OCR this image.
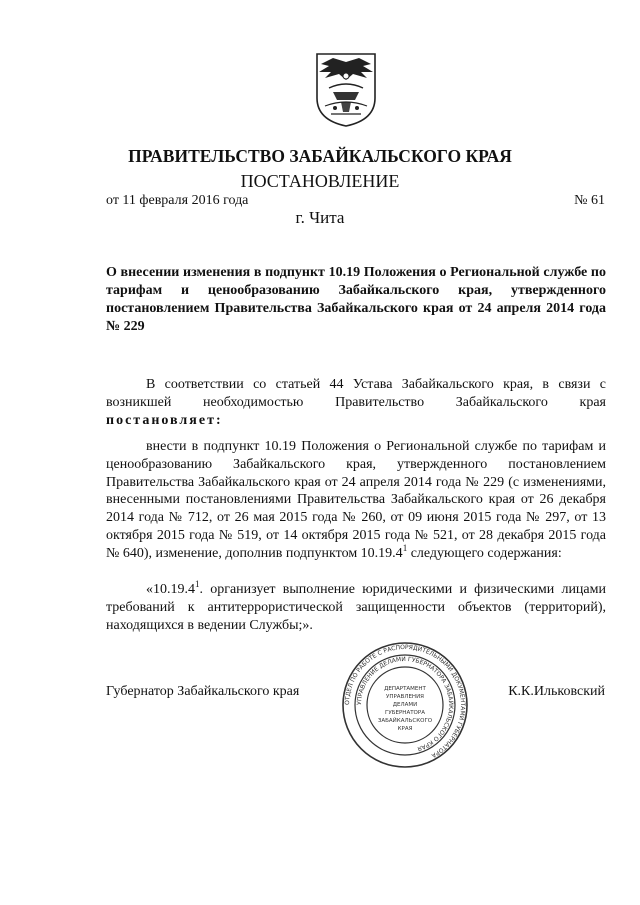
ПРАВИТЕЛЬСТВО ЗАБАЙКАЛЬСКОГО КРАЯ
ПОСТАНОВЛЕНИЕ
от 11 февраля 2016 года	№ 61
г. Чита
О внесении изменения в подпункт 10.19 Положения о Региональной службе по тарифам и ценообразованию Забайкальского края, утвержденного постановлением Правительства Забайкальского края от 24 апреля 2014 года № 229
В соответствии со статьей 44 Устава Забайкальского края, в связи с возникшей необходимостью Правительство Забайкальского края постановляет:
внести в подпункт 10.19 Положения о Региональной службе по тарифам и ценообразованию Забайкальского края, утвержденного постановлением Правительства Забайкальского края от 24 апреля 2014 года № 229 (с изменениями, внесенными постановлениями Правительства Забайкальского края от 26 декабря 2014 года № 712, от 26 мая 2015 года № 260, от 09 июня 2015 года № 297, от 13 октября 2015 года № 519, от 14 октября 2015 года № 521, от 28 декабря 2015 года № 640), изменение, дополнив подпунктом 10.19.4$^1$ следующего содержания:
«10.19.4$^1$. организует выполнение юридическими и физическими лицами требований к антитеррористической защищенности объектов (территорий), находящихся в ведении Службы;».
Губернатор Забайкальского края	К.К.Ильковский
ОТДЕЛ ПО РАБОТЕ С РАСПОРЯДИТЕЛЬНЫМИ ДОКУМЕНТАМИ ГУБЕРНАТОРА
УПРАВЛЕНИЕ ДЕЛАМИ ГУБЕРНАТОРА ЗАБАЙКАЛЬСКОГО КРАЯ
ДЕПАРТАМЕНТ
УПРАВЛЕНИЯ
ДЕЛАМИ
ГУБЕРНАТОРА
ЗАБАЙКАЛЬСКОГО
КРАЯ
